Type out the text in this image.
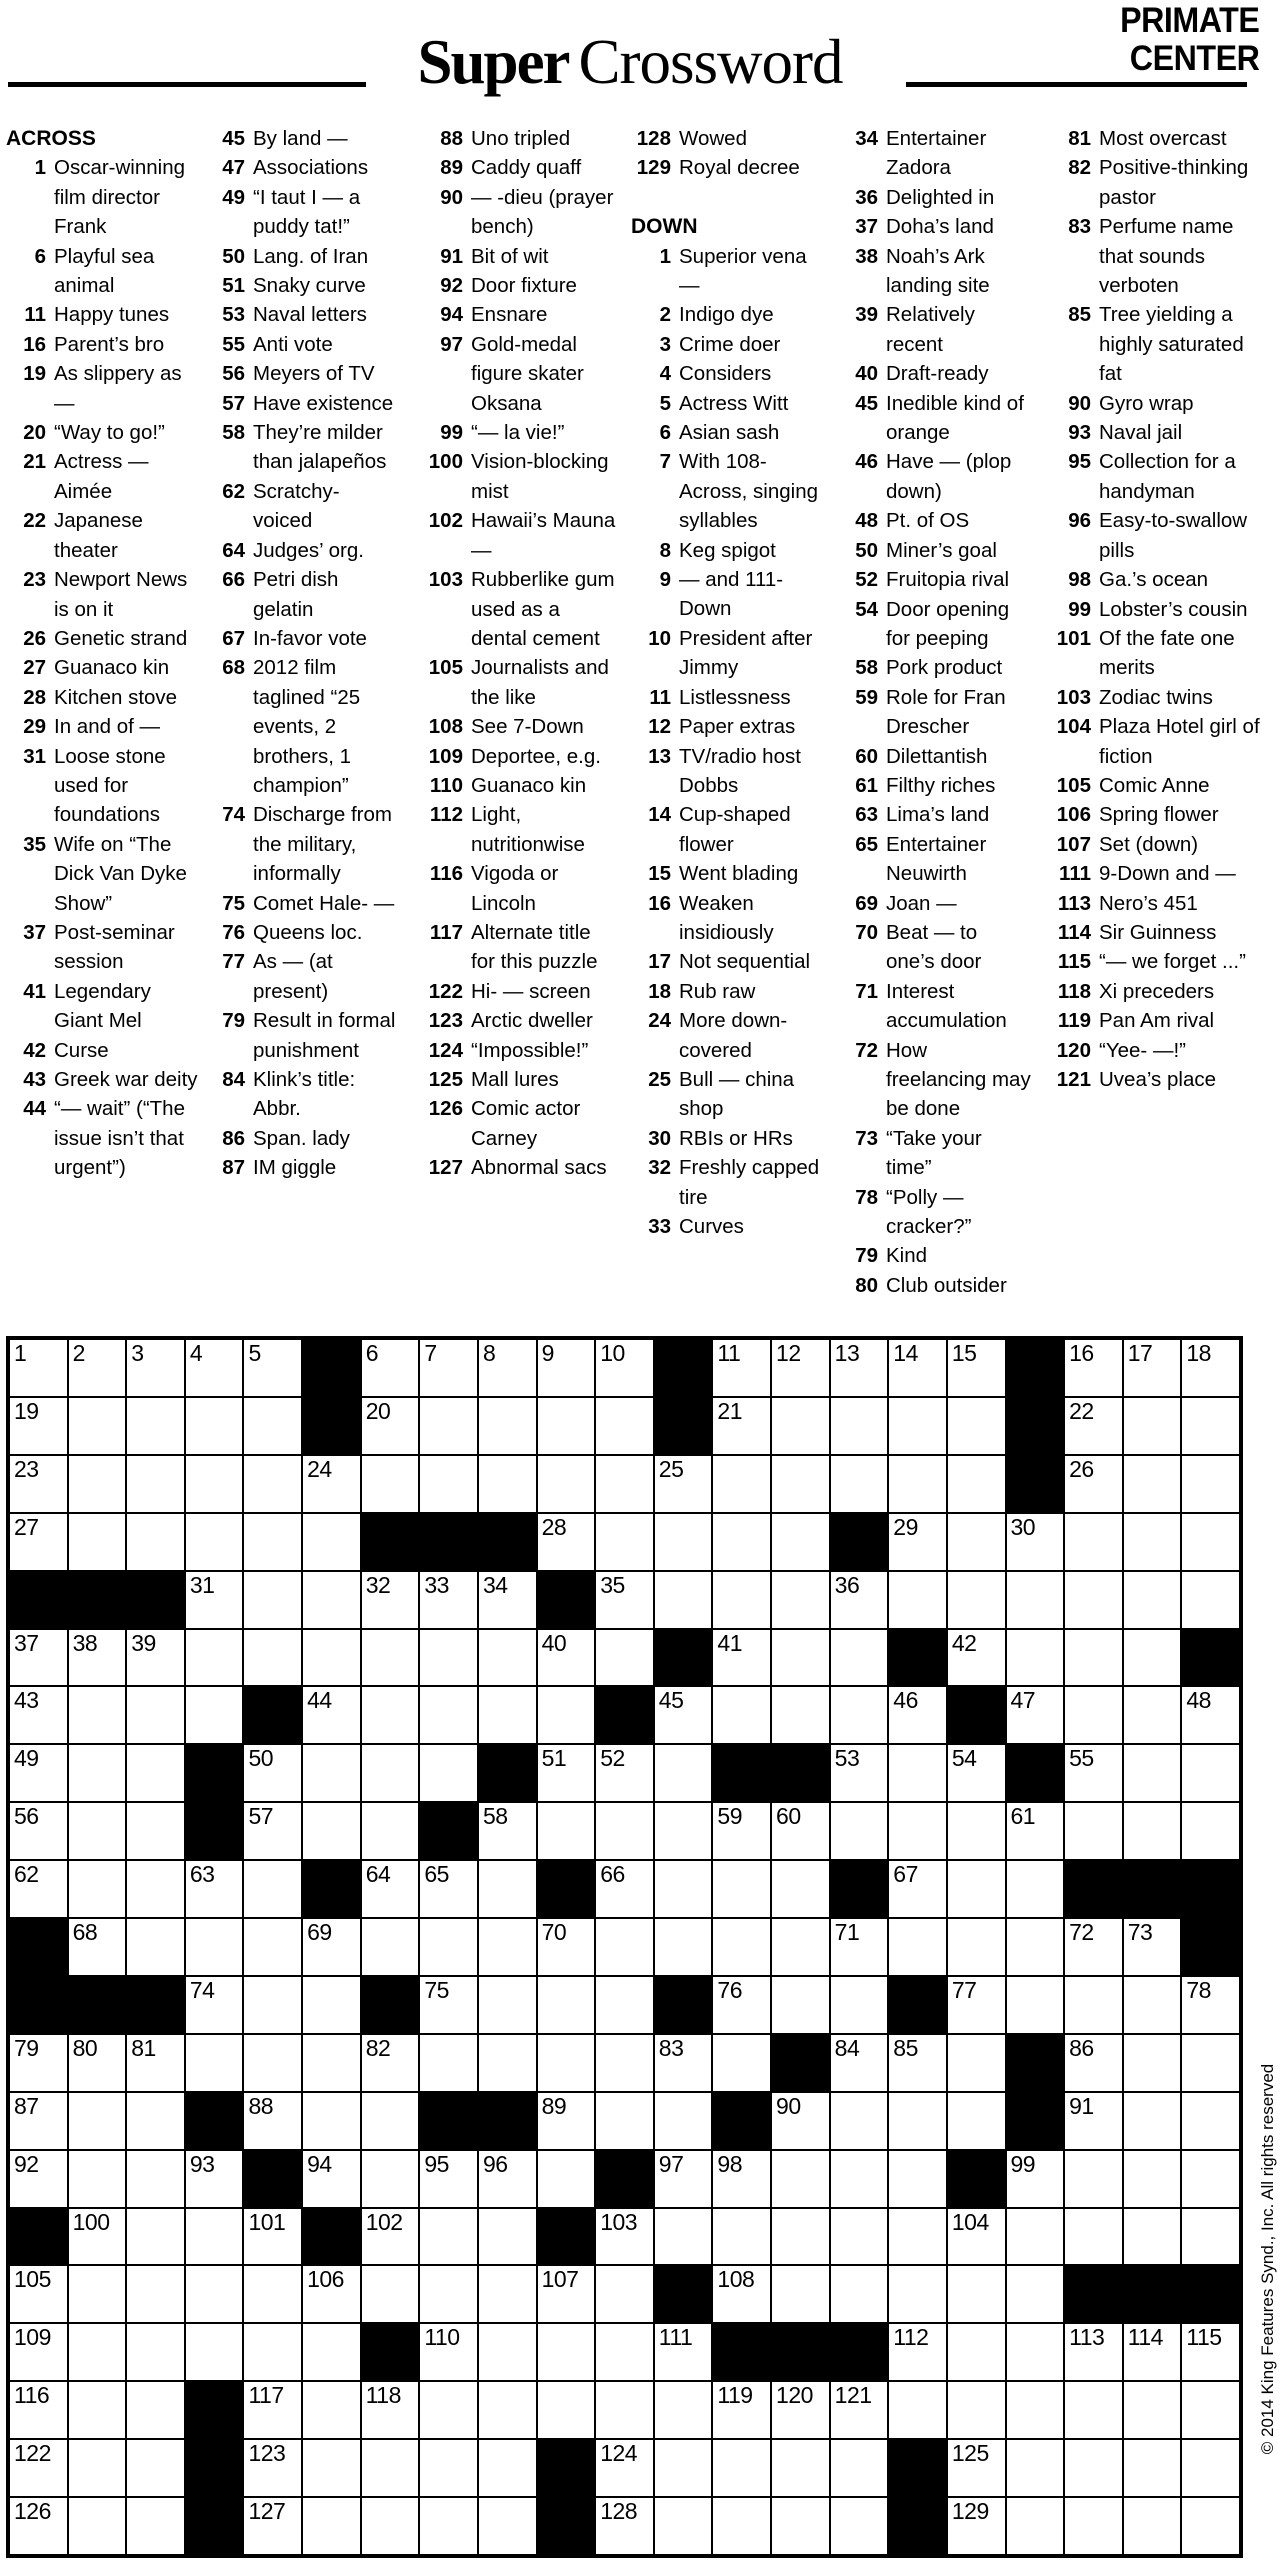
PRIMATE
CENTER
Super Crossword
ACROSS
1 Oscar-winning film director Frank
6 Playful sea animal
11 Happy tunes
16 Parent’s bro
19 As slippery as —
20 “Way to go!”
21 Actress — Aimée
22 Japanese theater
23 Newport News is on it
26 Genetic strand
27 Guanaco kin
28 Kitchen stove
29 In and of —
31 Loose stone used for foundations
35 Wife on “The Dick Van Dyke Show”
37 Post-seminar session
41 Legendary Giant Mel
42 Curse
43 Greek war deity
44 “— wait” (“The issue isn’t that urgent”)
45 By land —
47 Associations
49 “I taut I — a puddy tat!”
50 Lang. of Iran
51 Snaky curve
53 Naval letters
55 Anti vote
56 Meyers of TV
57 Have existence
58 They’re milder than jalapeños
62 Scratchy-voiced
64 Judges’ org.
66 Petri dish gelatin
67 In-favor vote
68 2012 film taglined “25 events, 2 brothers, 1 champion”
74 Discharge from the military, informally
75 Comet Hale- —
76 Queens loc.
77 As — (at present)
79 Result in formal punishment
84 Klink’s title: Abbr.
86 Span. lady
87 IM giggle
88 Uno tripled
89 Caddy quaff
90 — -dieu (prayer bench)
91 Bit of wit
92 Door fixture
94 Ensnare
97 Gold-medal figure skater Oksana
99 “— la vie!”
100 Vision-blocking mist
102 Hawaii’s Mauna —
103 Rubberlike gum used as a dental cement
105 Journalists and the like
108 See 7-Down
109 Deportee, e.g.
110 Guanaco kin
112 Light, nutritionwise
116 Vigoda or Lincoln
117 Alternate title for this puzzle
122 Hi- — screen
123 Arctic dweller
124 “Impossible!”
125 Mall lures
126 Comic actor Carney
127 Abnormal sacs
128 Wowed
129 Royal decree
DOWN
1 Superior vena —
2 Indigo dye
3 Crime doer
4 Considers
5 Actress Witt
6 Asian sash
7 With 108-Across, singing syllables
8 Keg spigot
9 — and 111-Down
10 President after Jimmy
11 Listlessness
12 Paper extras
13 TV/radio host Dobbs
14 Cup-shaped flower
15 Went blading
16 Weaken insidiously
17 Not sequential
18 Rub raw
24 More down-covered
25 Bull — china shop
30 RBIs or HRs
32 Freshly capped tire
33 Curves
34 Entertainer Zadora
36 Delighted in
37 Doha’s land
38 Noah’s Ark landing site
39 Relatively recent
40 Draft-ready
45 Inedible kind of orange
46 Have — (plop down)
48 Pt. of OS
50 Miner’s goal
52 Fruitopia rival
54 Door opening for peeping
58 Pork product
59 Role for Fran Drescher
60 Dilettantish
61 Filthy riches
63 Lima’s land
65 Entertainer Neuwirth
69 Joan —
70 Beat — to one’s door
71 Interest accumulation
72 How freelancing may be done
73 “Take your time”
78 “Polly — cracker?”
79 Kind
80 Club outsider
81 Most overcast
82 Positive-thinking pastor
83 Perfume name that sounds verboten
85 Tree yielding a highly saturated fat
90 Gyro wrap
93 Naval jail
95 Collection for a handyman
96 Easy-to-swallow pills
98 Ga.’s ocean
99 Lobster’s cousin
101 Of the fate one merits
103 Zodiac twins
104 Plaza Hotel girl of fiction
105 Comic Anne
106 Spring flower
107 Set (down)
111 9-Down and —
113 Nero’s 451
114 Sir Guinness
115 “— we forget ...”
118 Xi preceders
119 Pan Am rival
120 “Yee- —!”
121 Uvea’s place
1 2 3 4 5	6 7 8 9 10	11 12 13 14 15	16 17 18
19	20	21	22
23	24	25	26
27	28	29	30
31	32 33 34	35	36
37 38 39	40	41	42
43	44	45	46	47	48
49	50	51 52	53	54	55
56	57	58	59 60	61
62	63	64 65	66	67
68	69	70	71	72 73
74	75	76	77	78
79 80 81	82	83	84 85	86
87	88	89	90	91
92	93	94	95 96	97 98	99
100	101	102	103	104
105	106	107	108
109	110	111	112	113 114 115
116	117	118	119 120 121
122	123	124	125
126	127	128	129
© 2014 King Features Synd., Inc. All rights reserved
